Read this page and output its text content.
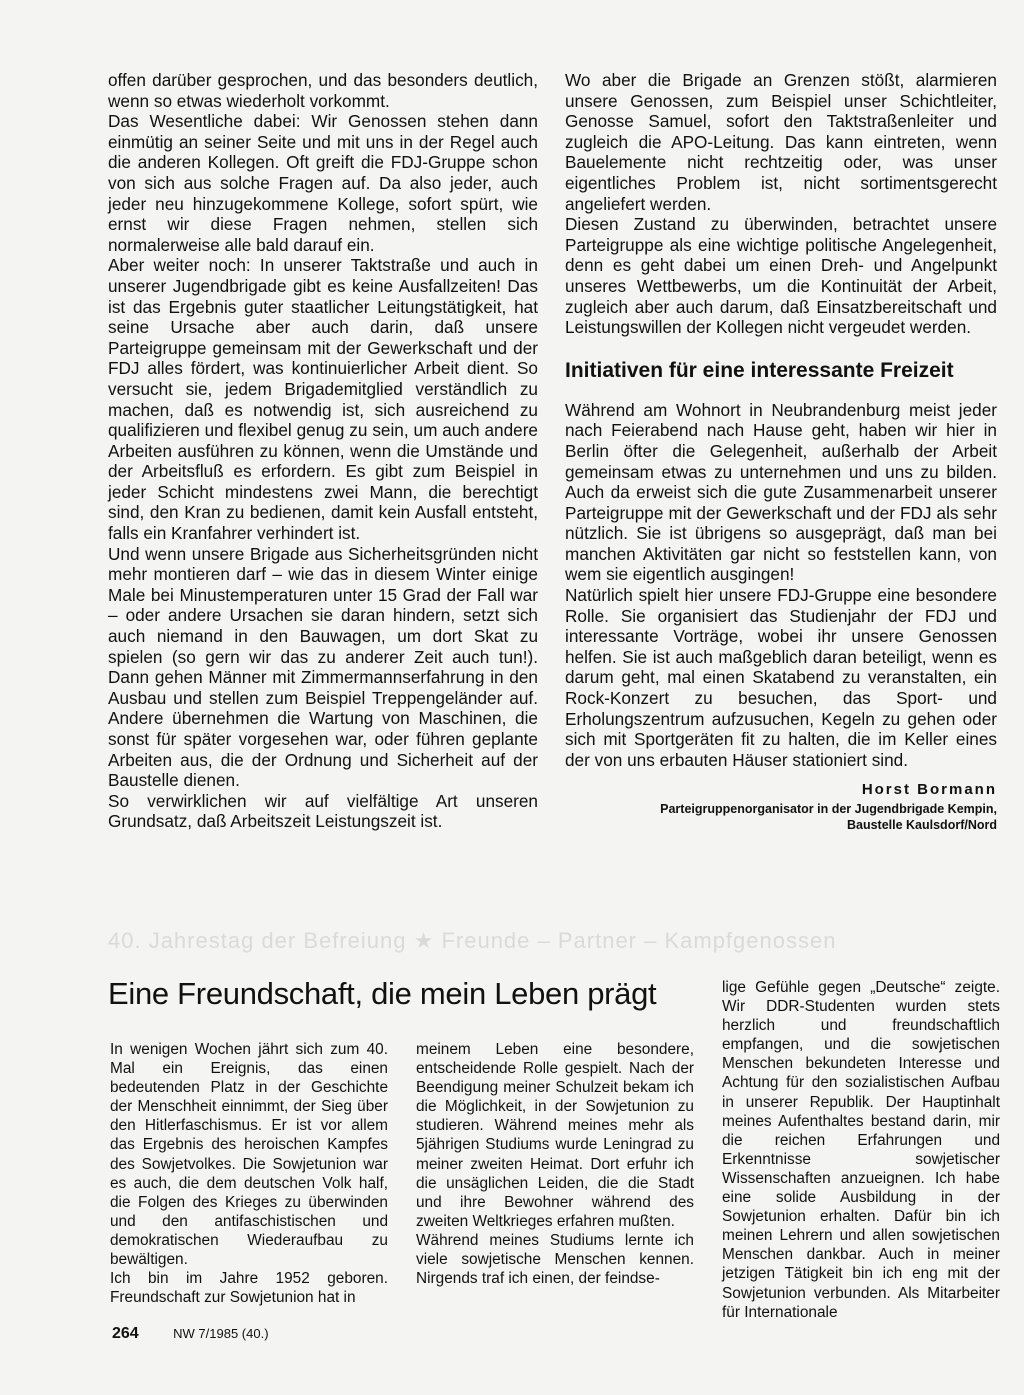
offen darüber gesprochen, und das besonders deutlich, wenn so etwas wiederholt vorkommt.

Das Wesentliche dabei: Wir Genossen stehen dann einmütig an seiner Seite und mit uns in der Regel auch die anderen Kollegen. Oft greift die FDJ-Gruppe schon von sich aus solche Fragen auf. Da also jeder, auch jeder neu hinzugekommene Kollege, sofort spürt, wie ernst wir diese Fragen nehmen, stellen sich normalerweise alle bald darauf ein.

Aber weiter noch: In unserer Taktstraße und auch in unserer Jugendbrigade gibt es keine Ausfallzeiten! Das ist das Ergebnis guter staatlicher Leitungstätigkeit, hat seine Ursache aber auch darin, daß unsere Parteigruppe gemeinsam mit der Gewerkschaft und der FDJ alles fördert, was kontinuierlicher Arbeit dient. So versucht sie, jedem Brigademitglied verständlich zu machen, daß es notwendig ist, sich ausreichend zu qualifizieren und flexibel genug zu sein, um auch andere Arbeiten ausführen zu können, wenn die Umstände und der Arbeitsfluß es erfordern. Es gibt zum Beispiel in jeder Schicht mindestens zwei Mann, die berechtigt sind, den Kran zu bedienen, damit kein Ausfall entsteht, falls ein Kranfahrer verhindert ist.

Und wenn unsere Brigade aus Sicherheitsgründen nicht mehr montieren darf – wie das in diesem Winter einige Male bei Minustemperaturen unter 15 Grad der Fall war – oder andere Ursachen sie daran hindern, setzt sich auch niemand in den Bauwagen, um dort Skat zu spielen (so gern wir das zu anderer Zeit auch tun!). Dann gehen Männer mit Zimmermannserfahrung in den Ausbau und stellen zum Beispiel Treppengeländer auf. Andere übernehmen die Wartung von Maschinen, die sonst für später vorgesehen war, oder führen geplante Arbeiten aus, die der Ordnung und Sicherheit auf der Baustelle dienen.

So verwirklichen wir auf vielfältige Art unseren Grundsatz, daß Arbeitszeit Leistungszeit ist.

Wo aber die Brigade an Grenzen stößt, alarmieren unsere Genossen, zum Beispiel unser Schichtleiter, Genosse Samuel, sofort den Taktstraßenleiter und zugleich die APO-Leitung. Das kann eintreten, wenn Bauelemente nicht rechtzeitig oder, was unser eigentliches Problem ist, nicht sortimentsgerecht angeliefert werden.

Diesen Zustand zu überwinden, betrachtet unsere Parteigruppe als eine wichtige politische Angelegenheit, denn es geht dabei um einen Dreh- und Angelpunkt unseres Wettbewerbs, um die Kontinuität der Arbeit, zugleich aber auch darum, daß Einsatzbereitschaft und Leistungswillen der Kollegen nicht vergeudet werden.

Initiativen für eine interessante Freizeit

Während am Wohnort in Neubrandenburg meist jeder nach Feierabend nach Hause geht, haben wir hier in Berlin öfter die Gelegenheit, außerhalb der Arbeit gemeinsam etwas zu unternehmen und uns zu bilden. Auch da erweist sich die gute Zusammenarbeit unserer Parteigruppe mit der Gewerkschaft und der FDJ als sehr nützlich. Sie ist übrigens so ausgeprägt, daß man bei manchen Aktivitäten gar nicht so feststellen kann, von wem sie eigentlich ausgingen!

Natürlich spielt hier unsere FDJ-Gruppe eine besondere Rolle. Sie organisiert das Studienjahr der FDJ und interessante Vorträge, wobei ihr unsere Genossen helfen. Sie ist auch maßgeblich daran beteiligt, wenn es darum geht, mal einen Skatabend zu veranstalten, ein Rock-Konzert zu besuchen, das Sport- und Erholungszentrum aufzusuchen, Kegeln zu gehen oder sich mit Sportgeräten fit zu halten, die im Keller eines der von uns erbauten Häuser stationiert sind.

Horst Bormann
Parteigruppenorganisator in der Jugendbrigade Kempin,
Baustelle Kaulsdorf/Nord
40. Jahrestag der Befreiung ★ Freunde – Partner – Kampfgenossen
Eine Freundschaft, die mein Leben prägt

In wenigen Wochen jährt sich zum 40. Mal ein Ereignis, das einen bedeutenden Platz in der Geschichte der Menschheit einnimmt, der Sieg über den Hitlerfaschismus. Er ist vor allem das Ergebnis des heroischen Kampfes des Sowjetvolkes. Die Sowjetunion war es auch, die dem deutschen Volk half, die Folgen des Krieges zu überwinden und den antifaschistischen und demokratischen Wiederaufbau zu bewältigen.

Ich bin im Jahre 1952 geboren. Freundschaft zur Sowjetunion hat in

meinem Leben eine besondere, entscheidende Rolle gespielt. Nach der Beendigung meiner Schulzeit bekam ich die Möglichkeit, in der Sowjetunion zu studieren. Während meines mehr als 5jährigen Studiums wurde Leningrad zu meiner zweiten Heimat. Dort erfuhr ich die unsäglichen Leiden, die die Stadt und ihre Bewohner während des zweiten Weltkrieges erfahren mußten.

Während meines Studiums lernte ich viele sowjetische Menschen kennen. Nirgends traf ich einen, der feindse-

lige Gefühle gegen „Deutsche“ zeigte. Wir DDR-Studenten wurden stets herzlich und freundschaftlich empfangen, und die sowjetischen Menschen bekundeten Interesse und Achtung für den sozialistischen Aufbau in unserer Republik. Der Hauptinhalt meines Aufenthaltes bestand darin, mir die reichen Erfahrungen und Erkenntnisse sowjetischer Wissenschaften anzueignen. Ich habe eine solide Ausbildung in der Sowjetunion erhalten. Dafür bin ich meinen Lehrern und allen sowjetischen Menschen dankbar. Auch in meiner jetzigen Tätigkeit bin ich eng mit der Sowjetunion verbunden. Als Mitarbeiter für Internationale

264	NW 7/1985 (40.)
